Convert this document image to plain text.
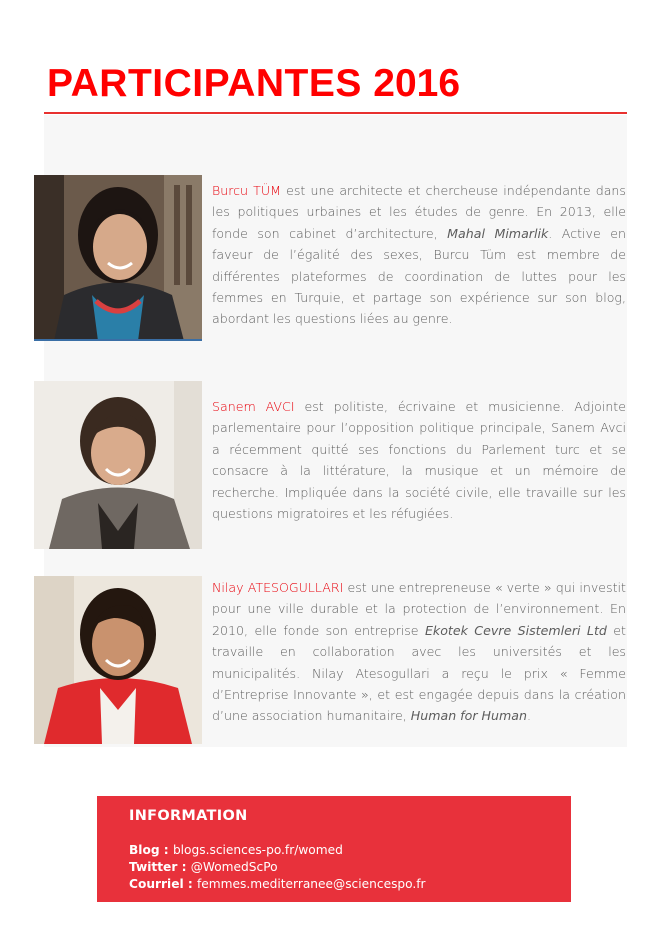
PARTICIPANTES 2016

Burcu TÜM est une architecte et chercheuse indépendante dans les politiques urbaines et les études de genre. En 2013, elle fonde son cabinet d’architecture, Mahal Mimarlik. Active en faveur de l’égalité des sexes, Burcu Tüm est membre de différentes plateformes de coordination de luttes pour les femmes en Turquie, et partage son expérience sur son blog, abordant les questions liées au genre.

Sanem AVCI est politiste, écrivaine et musicienne. Adjointe parlementaire pour l’opposition politique principale, Sanem Avci a récemment quitté ses fonctions du Parlement turc et se consacre à la littérature, la musique et un mémoire de recherche. Impliquée dans la société civile, elle travaille sur les questions migratoires et les réfugiées.

Nilay ATESOGULLARI est une entrepreneuse « verte » qui investit pour une ville durable et la protection de l’environnement. En 2010, elle fonde son entreprise Ekotek Cevre Sistemleri Ltd et travaille en collaboration avec les universités et les municipalités. Nilay Atesogullari a reçu le prix « Femme d’Entreprise Innovante », et est engagée depuis dans la création d’une association humanitaire, Human for Human.

INFORMATION
Blog : blogs.sciences-po.fr/womed
Twitter : @WomedScPo
Courriel : femmes.mediterranee@sciencespo.fr
